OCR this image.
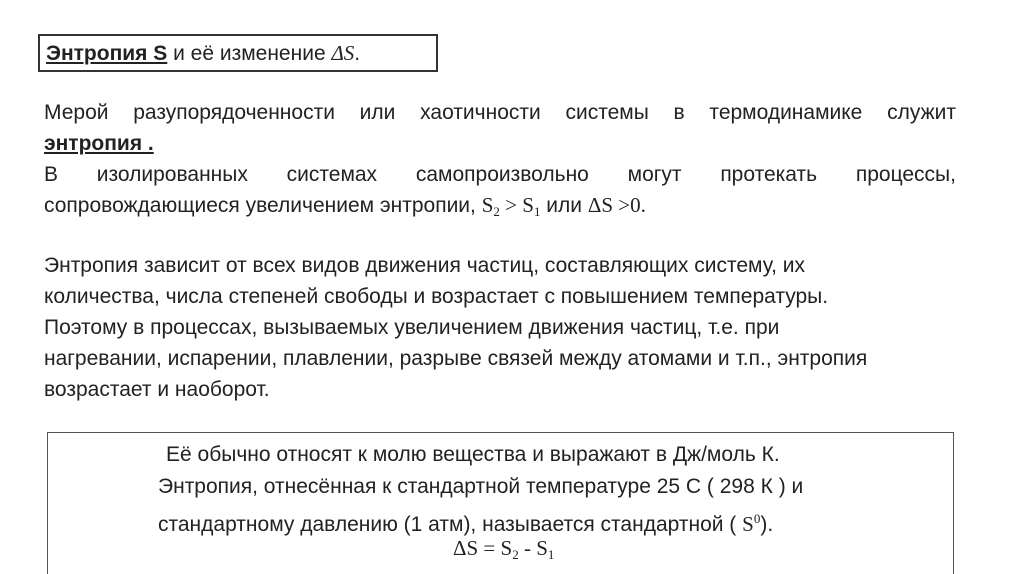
Энтропия S и её изменение ΔS.
Мерой разупорядоченности или хаотичности системы в термодинамике служит
энтропия .
В изолированных системах самопроизвольно могут протекать процессы,
сопровождающиеся увеличением энтропии, $S_2 > S_1$ или ΔS >0.
Энтропия зависит от всех видов движения частиц, составляющих систему, их
количества, числа степеней свободы и возрастает с повышением температуры.
Поэтому в процессах, вызываемых увеличением движения частиц, т.е. при
нагревании, испарении, плавлении, разрыве связей между атомами и т.п., энтропия
возрастает и наоборот.
Её обычно относят к молю вещества и выражают в Дж/моль К.
Энтропия, отнесённая к стандартной температуре 25 С ( 298 К ) и
стандартному давлению (1 атм), называется стандартной ( $S^0$).
$\Delta S = S_2 - S_1$
